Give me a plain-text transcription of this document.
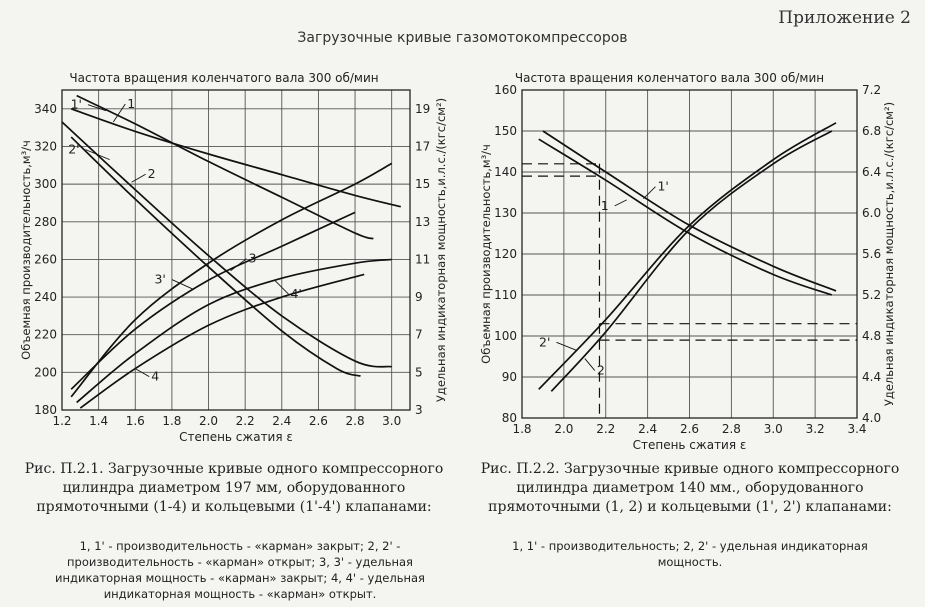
Приложение 2
Загрузочные кривые газомотокомпрессоров
1.2 1.4 1.6 1.8 2.0 2.2 2.4 2.6 2.8 3.0
180
200
220
240
260
280
300
320
340
3
5
7
9
11
13
15
17
19
Частота вращения коленчатого вала 300 об/мин
Степень сжатия ε
Объемная производительность,м³/ч	Удельная индикаторная мощность,и.л.с./(кгс/см²)
1
1'
2
2'
3
3'
4'
4
1.8 2.0 2.2 2.4 2.6 2.8 3.0 3.2 3.4
80
90
100
110
120
130
140
150
160
4.0
4.4
4.8
5.2
5.6
6.0
6.4
6.8
7.2
Частота вращения коленчатого вала 300 об/мин
Степень сжатия ε
Объемная производительность,м³/ч	Удельная индикаторная мощность,и.л.с./(кгс/см²)
1'
1
2'
2
Рис. П.2.1. Загрузочные кривые одного компрессорного цилиндра диаметром 197 мм, оборудованного прямоточными (1-4) и кольцевыми (1'-4') клапанами:
1, 1' - производительность - «карман» закрыт; 2, 2' - производительность - «карман» открыт; 3, 3' - удельная индикаторная мощность - «карман» закрыт; 4, 4' - удельная индикаторная мощность - «карман» открыт.
Рис. П.2.2. Загрузочные кривые одного компрессорного цилиндра диаметром 140 мм., оборудованного прямоточными (1, 2) и кольцевыми (1', 2') клапанами:
1, 1' - производительность; 2, 2' - удельная индикаторная мощность.
